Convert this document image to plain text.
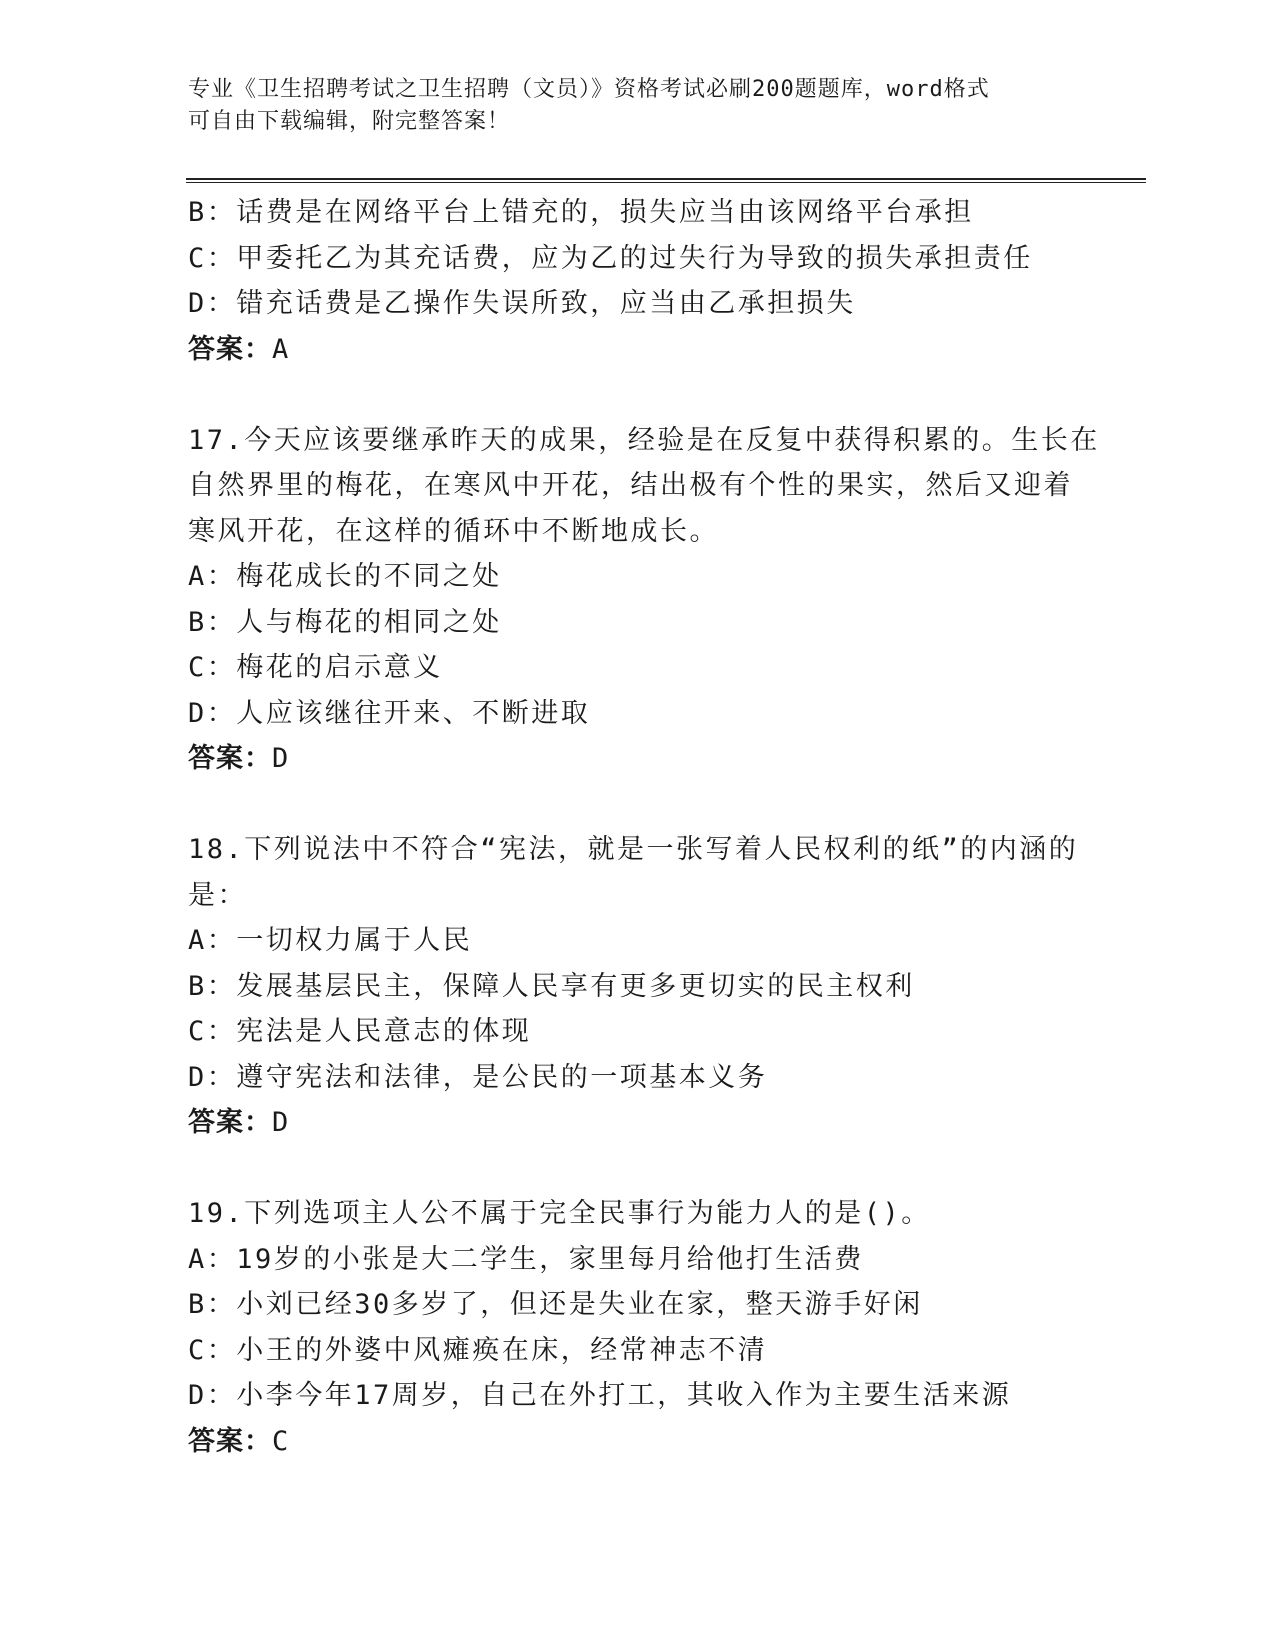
专业《卫生招聘考试之卫生招聘（文员）》资格考试必刷200题题库，word格式
可自由下载编辑，附完整答案！
B：话费是在网络平台上错充的，损失应当由该网络平台承担
C：甲委托乙为其充话费，应为乙的过失行为导致的损失承担责任
D：错充话费是乙操作失误所致，应当由乙承担损失
答案：A
17.今天应该要继承昨天的成果，经验是在反复中获得积累的。生长在
自然界里的梅花，在寒风中开花，结出极有个性的果实，然后又迎着
寒风开花，在这样的循环中不断地成长。
A：梅花成长的不同之处
B：人与梅花的相同之处
C：梅花的启示意义
D：人应该继往开来、不断进取
答案：D
18.下列说法中不符合“宪法，就是一张写着人民权利的纸”的内涵的
是：
A：一切权力属于人民
B：发展基层民主，保障人民享有更多更切实的民主权利
C：宪法是人民意志的体现
D：遵守宪法和法律，是公民的一项基本义务
答案：D
19.下列选项主人公不属于完全民事行为能力人的是()。
A：19岁的小张是大二学生，家里每月给他打生活费
B：小刘已经30多岁了，但还是失业在家，整天游手好闲
C：小王的外婆中风瘫痪在床，经常神志不清
D：小李今年17周岁，自己在外打工，其收入作为主要生活来源
答案：C
